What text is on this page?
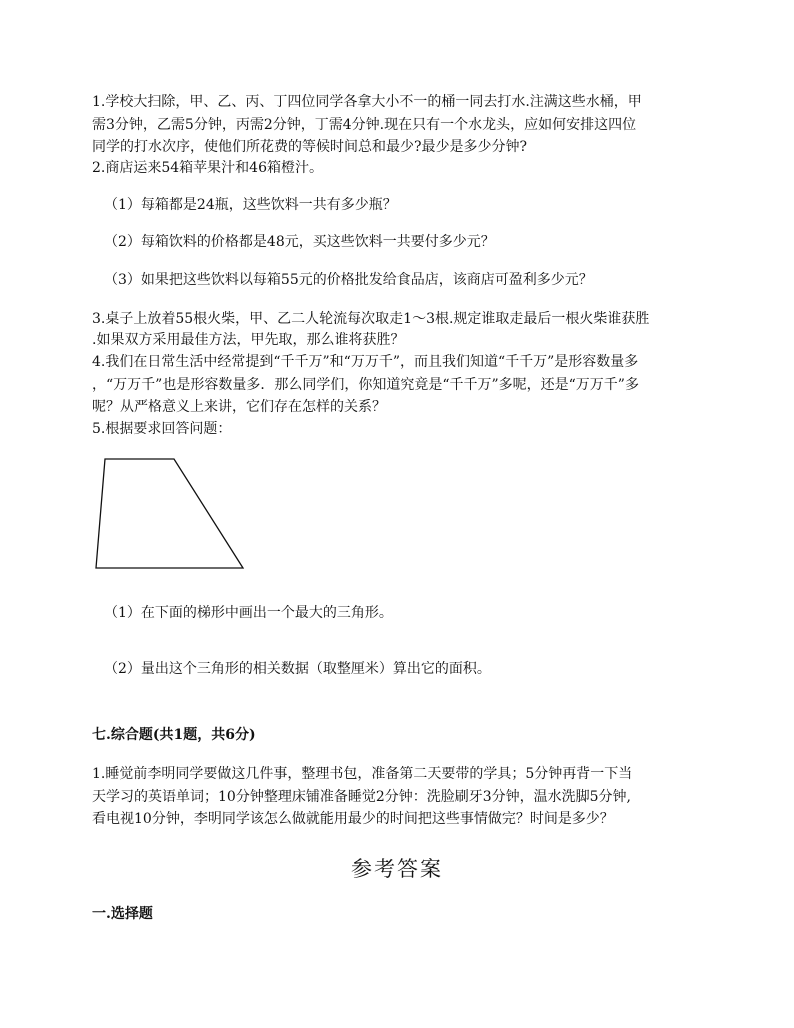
1.学校大扫除，甲、乙、丙、丁四位同学各拿大小不一的桶一同去打水.注满这些水桶，甲
需3分钟，乙需5分钟，丙需2分钟，丁需4分钟.现在只有一个水龙头，应如何安排这四位
同学的打水次序，使他们所花费的等候时间总和最少?最少是多少分钟?
2.商店运来54箱苹果汁和46箱橙汁。
（1）每箱都是24瓶，这些饮料一共有多少瓶？
（2）每箱饮料的价格都是48元，买这些饮料一共要付多少元？
（3）如果把这些饮料以每箱55元的价格批发给食品店，该商店可盈利多少元？
3.桌子上放着55根火柴，甲、乙二人轮流每次取走1～3根.规定谁取走最后一根火柴谁获胜
.如果双方采用最佳方法，甲先取，那么谁将获胜？
4.我们在日常生活中经常提到“千千万”和“万万千”，而且我们知道“千千万”是形容数量多
，“万万千”也是形容数量多．那么同学们，你知道究竟是“千千万”多呢，还是“万万千”多
呢？从严格意义上来讲，它们存在怎样的关系？
5.根据要求回答问题：
（1）在下面的梯形中画出一个最大的三角形。
（2）量出这个三角形的相关数据（取整厘米）算出它的面积。
七.综合题(共1题，共6分)
1.睡觉前李明同学要做这几件事，整理书包，准备第二天要带的学具；5分钟再背一下当
天学习的英语单词；10分钟整理床铺准备睡觉2分钟：洗脸刷牙3分钟，温水洗脚5分钟,
看电视10分钟，李明同学该怎么做就能用最少的时间把这些事情做完？时间是多少？
参考答案
一.选择题
